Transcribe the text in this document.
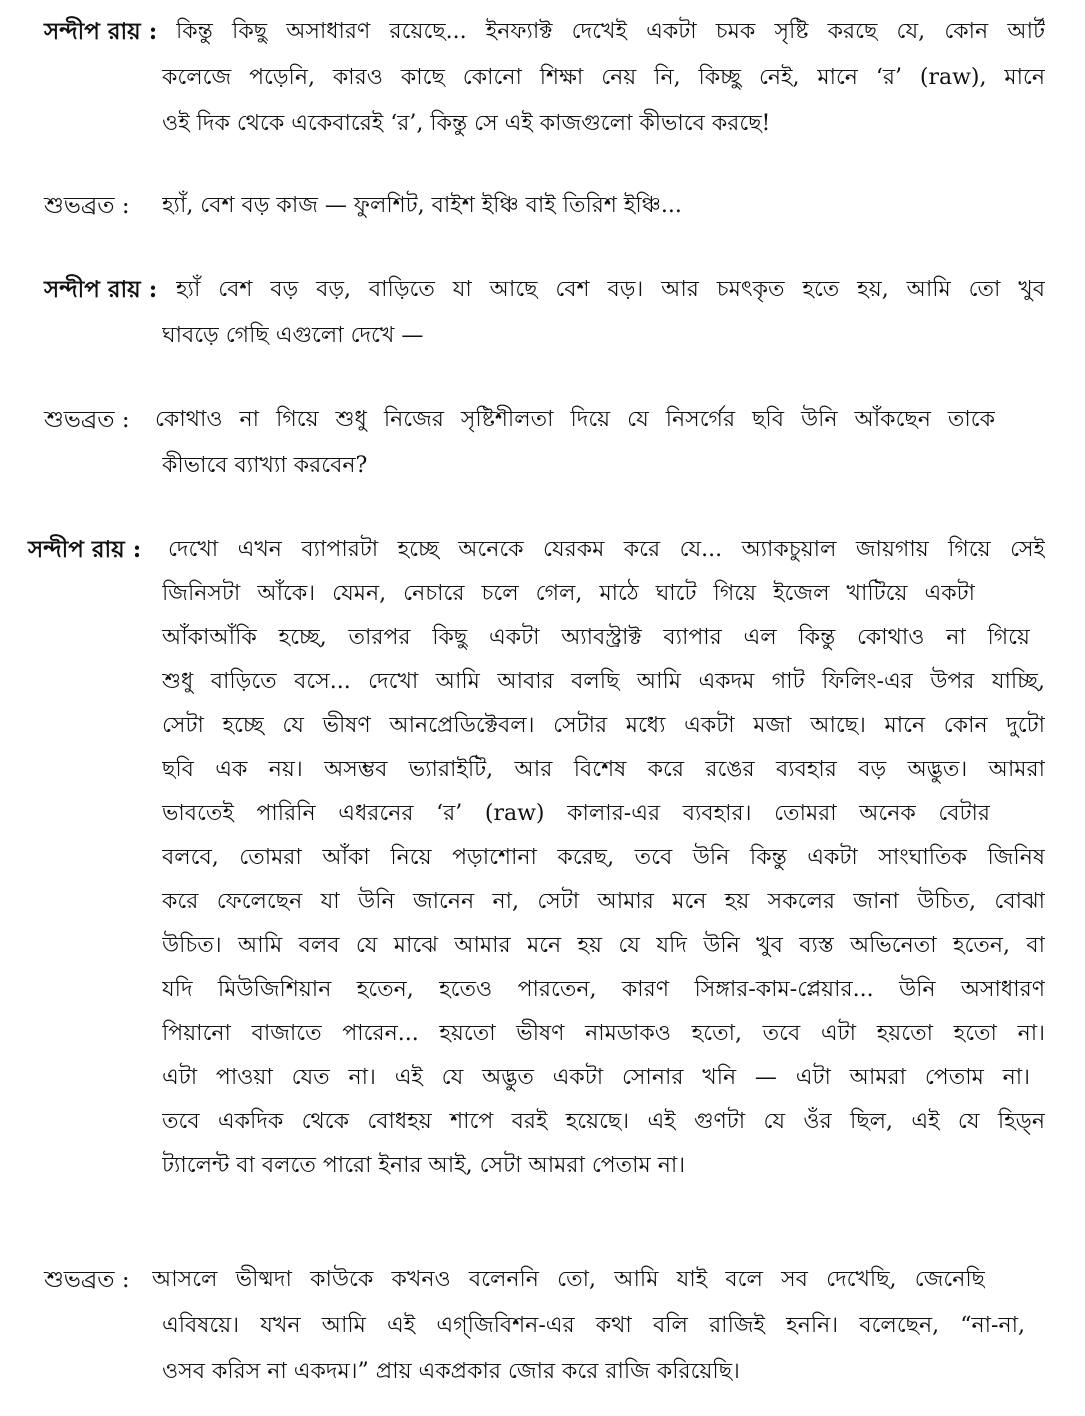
সন্দীপ রায় : কিন্তু কিছু অসাধারণ রয়েছে... ইনফ্যাক্ট দেখেই একটা চমক সৃষ্টি করছে যে, কোন আর্ট
কলেজে পড়েনি, কারও কাছে কোনো শিক্ষা নেয় নি, কিচ্ছু নেই, মানে ‘র’ (raw), মানে
ওই দিক থেকে একেবারেই ‘র’, কিন্তু সে এই কাজগুলো কীভাবে করছে!
শুভব্রত : হ্যাঁ, বেশ বড় কাজ — ফুলশিট, বাইশ ইঞ্চি বাই তিরিশ ইঞ্চি...
সন্দীপ রায় : হ্যাঁ বেশ বড় বড়, বাড়িতে যা আছে বেশ বড়। আর চমৎকৃত হতে হয়, আমি তো খুব
ঘাবড়ে গেছি এগুলো দেখে —
শুভব্রত : কোথাও না গিয়ে শুধু নিজের সৃষ্টিশীলতা দিয়ে যে নিসর্গের ছবি উনি আঁকছেন তাকে
কীভাবে ব্যাখ্যা করবেন?
সন্দীপ রায় : দেখো এখন ব্যাপারটা হচ্ছে অনেকে যেরকম করে যে... অ্যাকচুয়াল জায়গায় গিয়ে সেই
জিনিসটা আঁকে। যেমন, নেচারে চলে গেল, মাঠে ঘাটে গিয়ে ইজেল খাটিয়ে একটা
আঁকাআঁকি হচ্ছে, তারপর কিছু একটা অ্যাবস্ট্রাক্ট ব্যাপার এল কিন্তু কোথাও না গিয়ে
শুধু বাড়িতে বসে... দেখো আমি আবার বলছি আমি একদম গাট ফিলিং-এর উপর যাচ্ছি,
সেটা হচ্ছে যে ভীষণ আনপ্রেডিক্টেবল। সেটার মধ্যে একটা মজা আছে। মানে কোন দুটো
ছবি এক নয়। অসম্ভব ভ্যারাইটি, আর বিশেষ করে রঙের ব্যবহার বড় অদ্ভুত। আমরা
ভাবতেই পারিনি এধরনের ‘র’ (raw) কালার-এর ব্যবহার। তোমরা অনেক বেটার
বলবে, তোমরা আঁকা নিয়ে পড়াশোনা করেছ, তবে উনি কিন্তু একটা সাংঘাতিক জিনিষ
করে ফেলেছেন যা উনি জানেন না, সেটা আমার মনে হয় সকলের জানা উচিত, বোঝা
উচিত। আমি বলব যে মাঝে আমার মনে হয় যে যদি উনি খুব ব্যস্ত অভিনেতা হতেন, বা
যদি মিউজিশিয়ান হতেন, হতেও পারতেন, কারণ সিঙ্গার-কাম-প্লেয়ার... উনি অসাধারণ
পিয়ানো বাজাতে পারেন... হয়তো ভীষণ নামডাকও হতো, তবে এটা হয়তো হতো না।
এটা পাওয়া যেত না। এই যে অদ্ভুত একটা সোনার খনি — এটা আমরা পেতাম না।
তবে একদিক থেকে বোধহয় শাপে বরই হয়েছে। এই গুণটা যে ওঁর ছিল, এই যে হিড্‌ন
ট্যালেন্ট বা বলতে পারো ইনার আই, সেটা আমরা পেতাম না।
শুভব্রত : আসলে ভীষ্মদা কাউকে কখনও বলেননি তো, আমি যাই বলে সব দেখেছি, জেনেছি
এবিষয়ে। যখন আমি এই এগ্‌জিবিশন-এর কথা বলি রাজিই হননি। বলেছেন, “না-না,
ওসব করিস না একদম।” প্রায় একপ্রকার জোর করে রাজি করিয়েছি।
